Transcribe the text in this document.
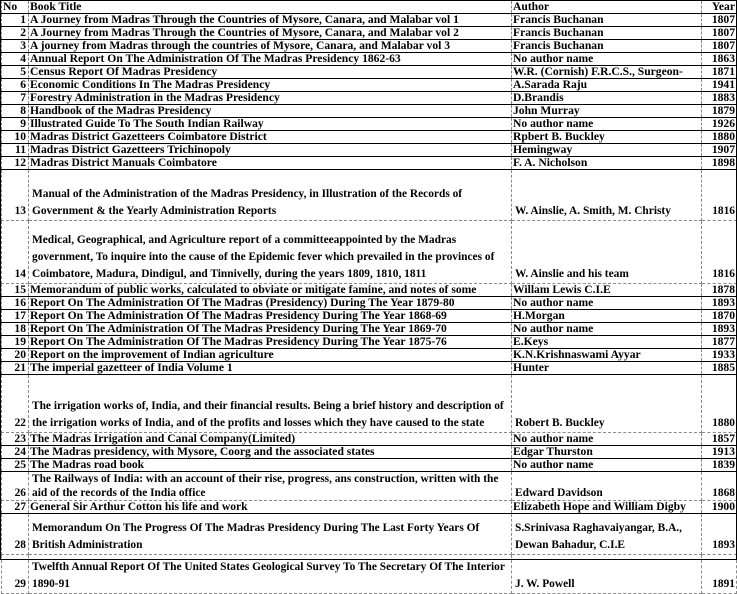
No	Book Title	Author	Year
1	A Journey from Madras Through the Countries of Mysore, Canara, and Malabar vol 1	Francis Buchanan	1807
2	A Journey from Madras Through the Countries of Mysore, Canara, and Malabar vol 2	Francis Buchanan	1807
3	A journey from Madras through the countries of Mysore, Canara, and Malabar vol 3	Francis Buchanan	1807
4	Annual Report On The Administration Of The Madras Presidency 1862-63	No author name	1863
5	Census Report Of Madras Presidency	W.R. (Cornish) F.R.C.S., Surgeon-	1871
6	Economic Conditions In The Madras Presidency	A.Sarada Raju	1941
7	Forestry Administration in the Madras Presidency	D.Brandis	1883
8	Handbook of the Madras Presidency	John Murray	1879
9	Illustrated Guide To The South Indian Railway	No author name	1926
10	Madras District Gazetteers Coimbatore District	Rpbert B. Buckley	1880
11	Madras District Gazetteers Trichinopoly	Hemingway	1907
12	Madras District Manuals Coimbatore	F. A. Nicholson	1898
13	Manual of the Administration of the Madras Presidency, in Illustration of the Records of Government & the Yearly Administration Reports	W. Ainslie, A. Smith, M. Christy	1816
14	Medical, Geographical, and Agriculture report of a committeeappointed by the Madras government, To inquire into the cause of the Epidemic fever which prevailed in the provinces of Coimbatore, Madura, Dindigul, and Tinnivelly, during the years 1809, 1810, 1811	W. Ainslie and his team	1816
15	Memorandum of public works, calculated to obviate or mitigate famine, and notes of some	Willam Lewis C.I.E	1878
16	Report On The Administration Of The Madras (Presidency) During The Year 1879-80	No author name	1893
17	Report On The Administration Of The Madras Presidency During The Year 1868-69	H.Morgan	1870
18	Report On The Administration Of The Madras Presidency During The Year 1869-70	No author name	1893
19	Report On The Administration Of The Madras Presidency During The Year 1875-76	E.Keys	1877
20	Report on the improvement of Indian agriculture	K.N.Krishnaswami Ayyar	1933
21	The imperial gazetteer of India Volume 1	Hunter	1885
22	The irrigation works of, India, and their financial results. Being a brief history and description of the irrigation works of India, and of the profits and losses which they have caused to the state	Robert B. Buckley	1880
23	The Madras Irrigation and Canal Company(Limited)	No author name	1857
24	The Madras presidency, with Mysore, Coorg and the associated states	Edgar Thurston	1913
25	The Madras road book	No author name	1839
26	The Railways of India: with an account of their rise, progress, ans construction, written with the aid of the records of the India office	Edward Davidson	1868
27	General Sir Arthur Cotton his life and work	Elizabeth Hope and William Digby	1900
28	Memorandum On The Progress Of The Madras Presidency During The Last Forty Years Of British Administration	S.Srinivasa Raghavaiyangar, B.A., Dewan Bahadur, C.I.E	1893
29	Twelfth Annual Report Of The United States Geological Survey To The Secretary Of The Interior 1890-91	J. W. Powell	1891
